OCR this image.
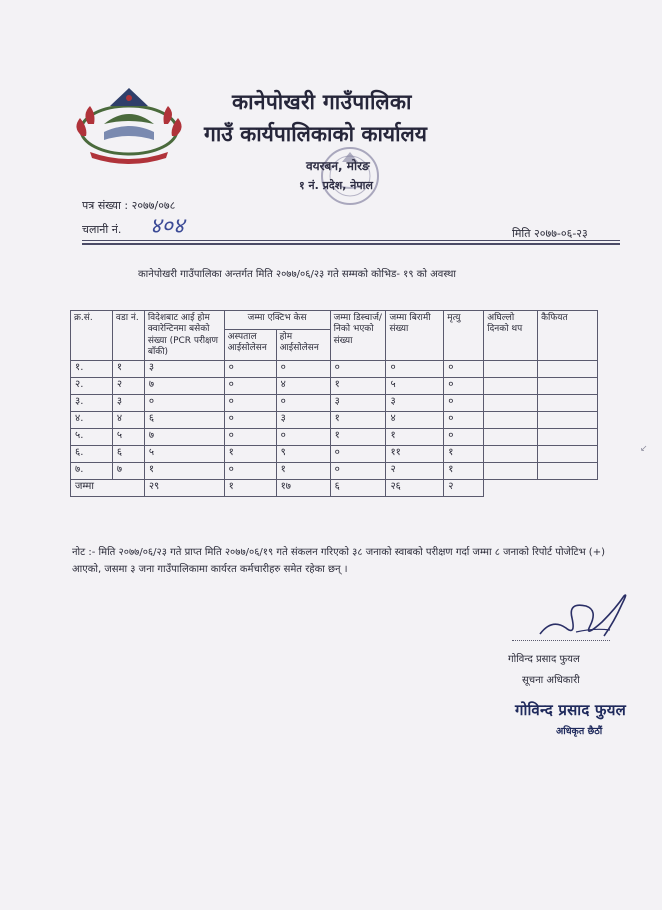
कानेपोखरी गाउँपालिका
गाउँ कार्यपालिकाको कार्यालय
वयरबन, मोरङ
१ नं. प्रदेश, नेपाल
पत्र संख्या : २०७७/०७८
चलानी नं. ४०४	मिति २०७७-०६-२३
कानेपोखरी गाउँपालिका अन्तर्गत मिति २०७७/०६/२३ गते सम्मको कोभिड- १९ को अवस्था
क्र.सं.	वडा नं.	विदेशबाट आई होम क्वारेन्टिनमा बसेको संख्या (PCR परीक्षण बाँकी)	जम्मा एक्टिभ केस		जम्मा डिस्चार्ज/निको भएको संख्या	जम्मा बिरामी संख्या	मृत्यु	अघिल्लो दिनको थप	कैफियत
			अस्पताल आईसोलेसन	होम आईसोलेसन					
१.	१	३	०	०	०	०	०		
२.	२	७	०	४	१	५	०		
३.	३	०	०	०	३	३	०		
४.	४	६	०	३	१	४	०		
५.	५	७	०	०	१	१	०		
६.	६	५	१	९	०	११	१		
७.	७	१	०	१	०	२	१		
जम्मा		२९	१	१७	६	२६	२		
नोट :- मिति २०७७/०६/२३ गते प्राप्त मिति २०७७/०६/१९ गते संकलन गरिएको ३८ जनाको स्वाबको परीक्षण गर्दा जम्मा ८ जनाको रिपोर्ट पोजेटिभ (+) आएको, जसमा ३ जना गाउँपालिकामा कार्यरत कर्मचारीहरु समेत रहेका छन् ।
गोविन्द प्रसाद फुयल
सूचना अधिकारी
गोविन्द प्रसाद फुयल
अधिकृत छैठौं
↙
